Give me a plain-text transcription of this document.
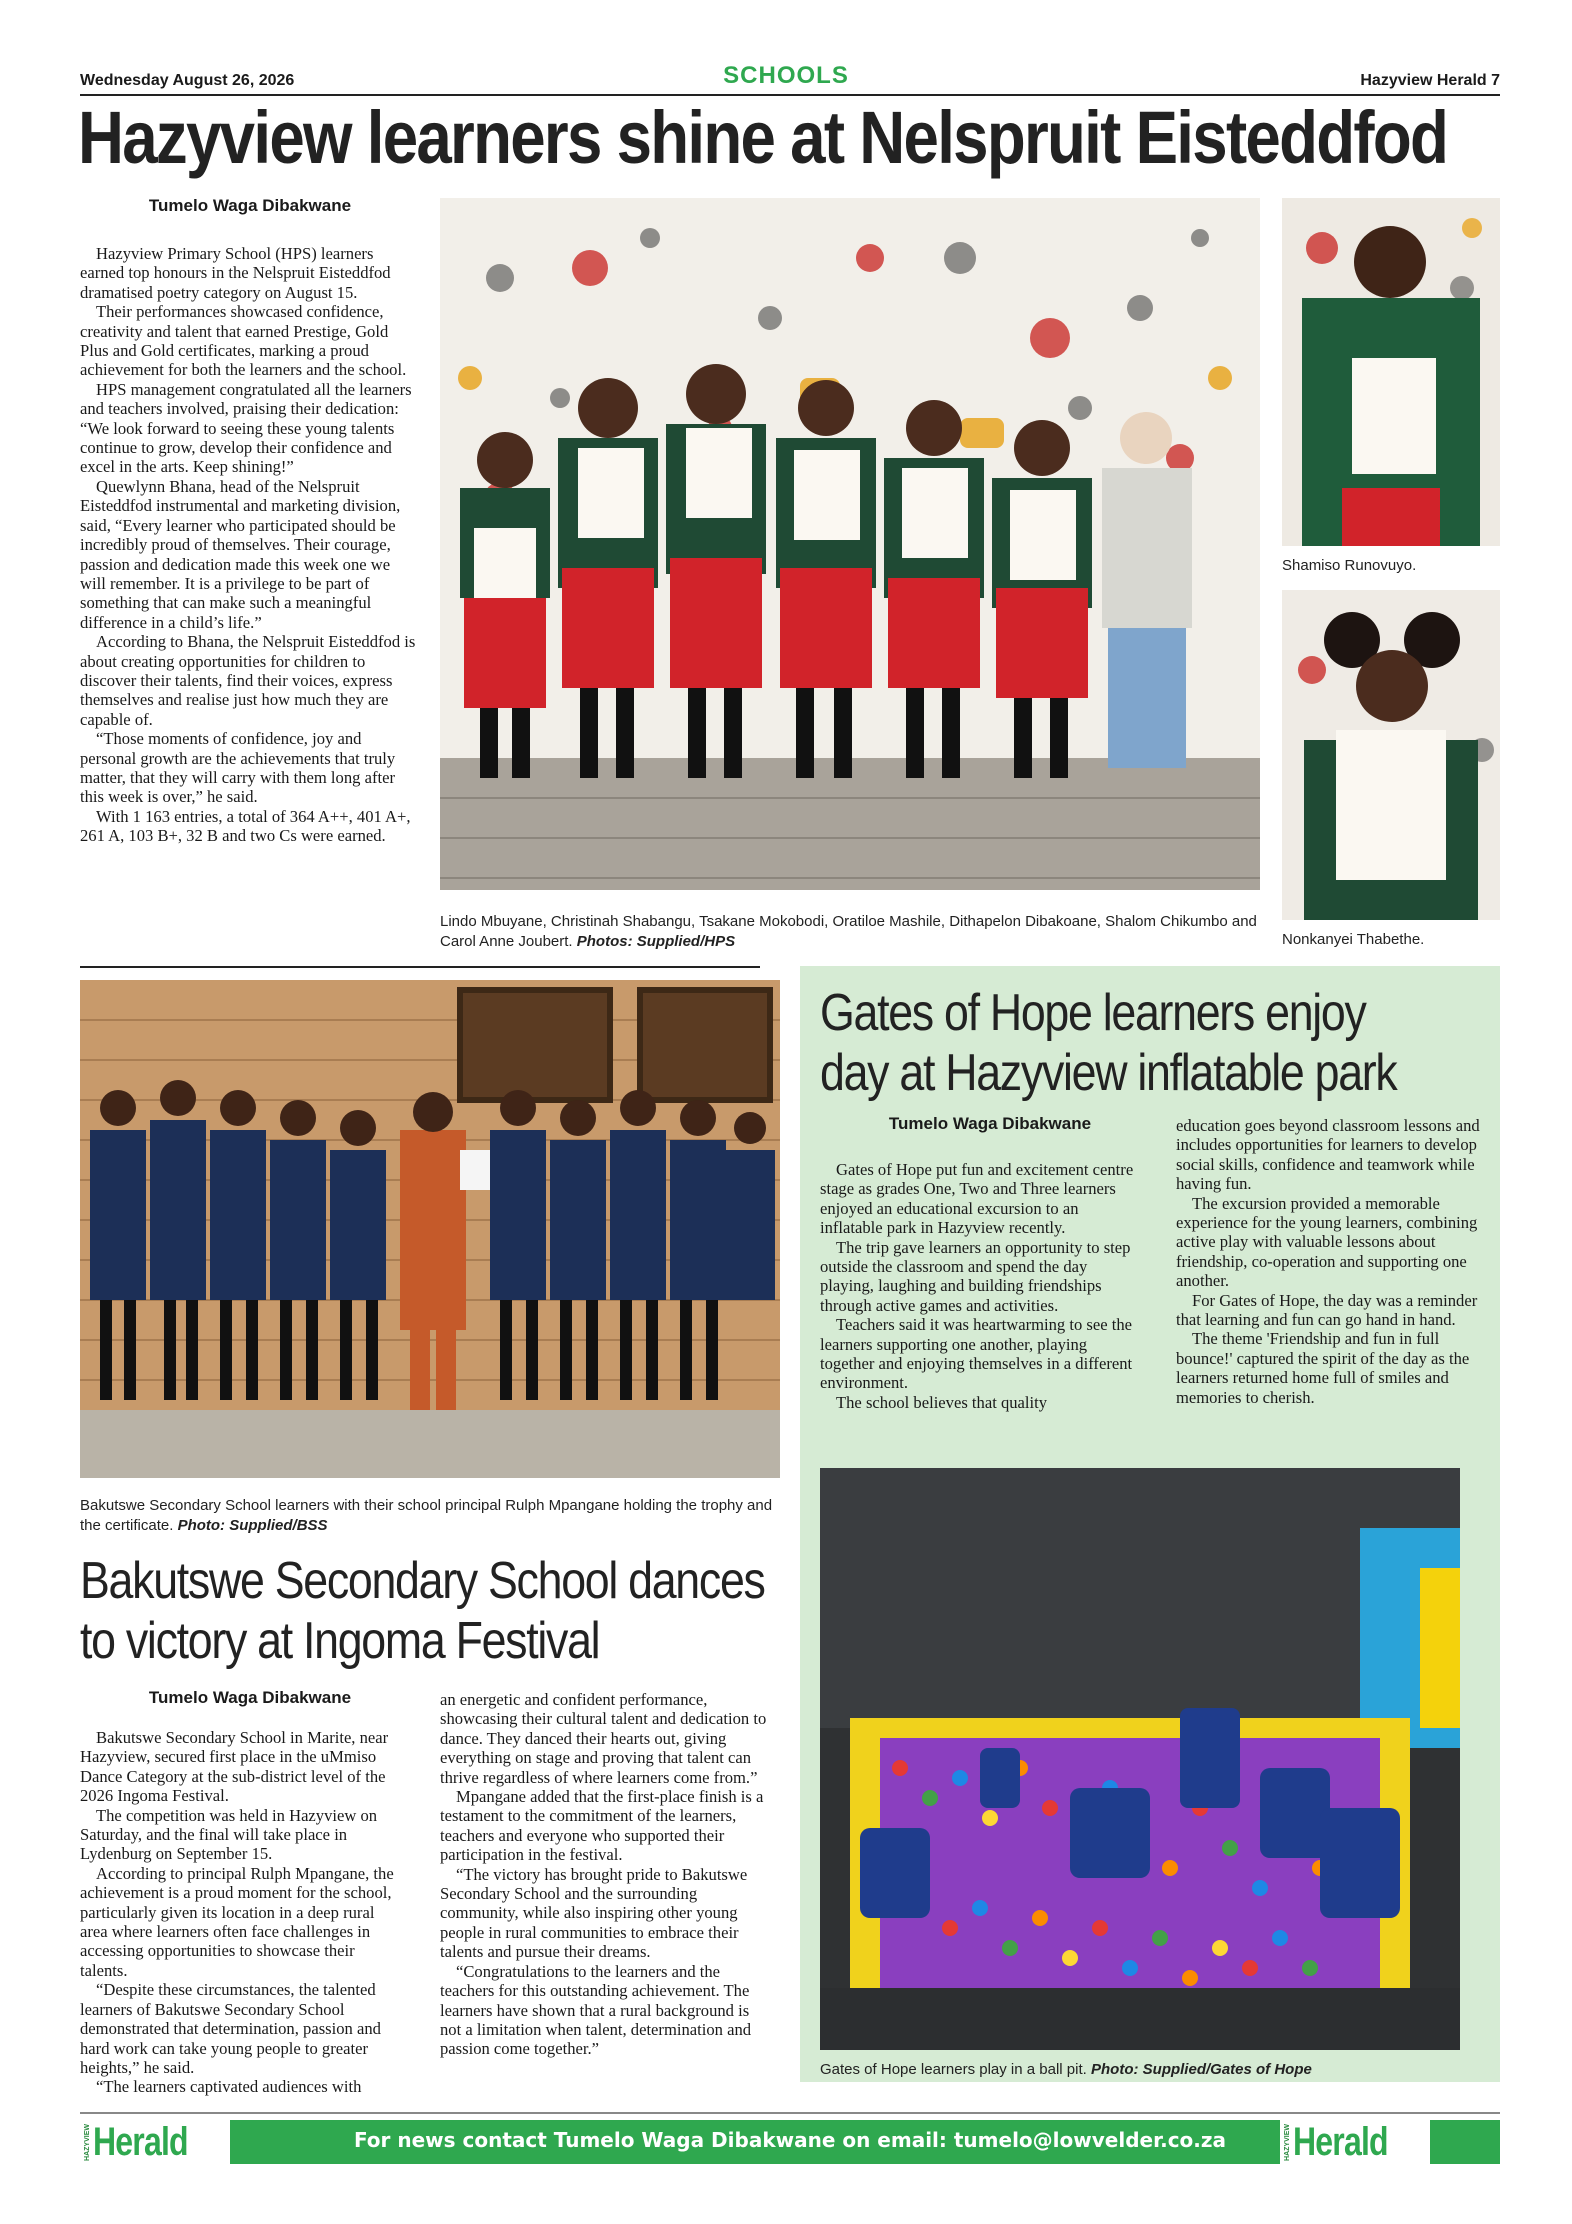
Wednesday August 26, 2026	SCHOOLS	Hazyview Herald 7
Hazyview learners shine at Nelspruit Eisteddfod
Tumelo Waga Dibakwane

Hazyview Primary School (HPS) learners earned top honours in the Nelspruit Eisteddfod dramatised poetry category on August 15.

Their performances showcased confidence, creativity and talent that earned Prestige, Gold Plus and Gold certificates, marking a proud achievement for both the learners and the school.

HPS management congratulated all the learners and teachers involved, praising their dedication: “We look forward to seeing these young talents continue to grow, develop their confidence and excel in the arts. Keep shining!”

Quewlynn Bhana, head of the Nelspruit Eisteddfod instrumental and marketing division, said, “Every learner who participated should be incredibly proud of themselves. Their courage, passion and dedication made this week one we will remember. It is a privilege to be part of something that can make such a meaningful difference in a child’s life.”

According to Bhana, the Nelspruit Eisteddfod is about creating opportunities for children to discover their talents, find their voices, express themselves and realise just how much they are capable of.

“Those moments of confidence, joy and personal growth are the achievements that truly matter, that they will carry with them long after this week is over,” he said.

With 1 163 entries, a total of 364 A++, 401 A+, 261 A, 103 B+, 32 B and two Cs were earned.

Lindo Mbuyane, Christinah Shabangu, Tsakane Mokobodi, Oratiloe Mashile, Dithapelon Dibakoane, Shalom Chikumbo and Carol Anne Joubert. Photos: Supplied/HPS
Shamiso Runovuyo.
Nonkanyei Thabethe.
Bakutswe Secondary School learners with their school principal Rulph Mpangane holding the trophy and the certificate. Photo: Supplied/BSS
Bakutswe Secondary School dances
to victory at Ingoma Festival
Tumelo Waga Dibakwane

Bakutswe Secondary School in Marite, near Hazyview, secured first place in the uMmiso Dance Category at the sub-district level of the 2026 Ingoma Festival.

The competition was held in Hazyview on Saturday, and the final will take place in Lydenburg on September 15.

According to principal Rulph Mpangane, the achievement is a proud moment for the school, particularly given its location in a deep rural area where learners often face challenges in accessing opportunities to showcase their talents.

“Despite these circumstances, the talented learners of Bakutswe Secondary School demonstrated that determination, passion and hard work can take young people to greater heights,” he said.

“The learners captivated audiences with

an energetic and confident performance, showcasing their cultural talent and dedication to dance. They danced their hearts out, giving everything on stage and proving that talent can thrive regardless of where learners come from.”

Mpangane added that the first-place finish is a testament to the commitment of the learners, teachers and everyone who supported their participation in the festival.

“The victory has brought pride to Bakutswe Secondary School and the surrounding community, while also inspiring other young people in rural communities to embrace their talents and pursue their dreams.

“Congratulations to the learners and the teachers for this outstanding achievement. The learners have shown that a rural background is not a limitation when talent, determination and passion come together.”

Gates of Hope learners enjoy
day at Hazyview inflatable park
Tumelo Waga Dibakwane

Gates of Hope put fun and excitement centre stage as grades One, Two and Three learners enjoyed an educational excursion to an inflatable park in Hazyview recently.

The trip gave learners an opportunity to step outside the classroom and spend the day playing, laughing and building friendships through active games and activities.

Teachers said it was heartwarming to see the learners supporting one another, playing together and enjoying themselves in a different environment.

The school believes that quality

education goes beyond classroom lessons and includes opportunities for learners to develop social skills, confidence and teamwork while having fun.

The excursion provided a memorable experience for the young learners, combining active play with valuable lessons about friendship, co-operation and supporting one another.

For Gates of Hope, the day was a reminder that learning and fun can go hand in hand.

The theme 'Friendship and fun in full bounce!' captured the spirit of the day as the learners returned home full of smiles and memories to cherish.

Gates of Hope learners play in a ball pit. Photo: Supplied/Gates of Hope
HAZYVIEW Herald	For news contact Tumelo Waga Dibakwane on email: tumelo@lowvelder.co.za	HAZYVIEW Herald
